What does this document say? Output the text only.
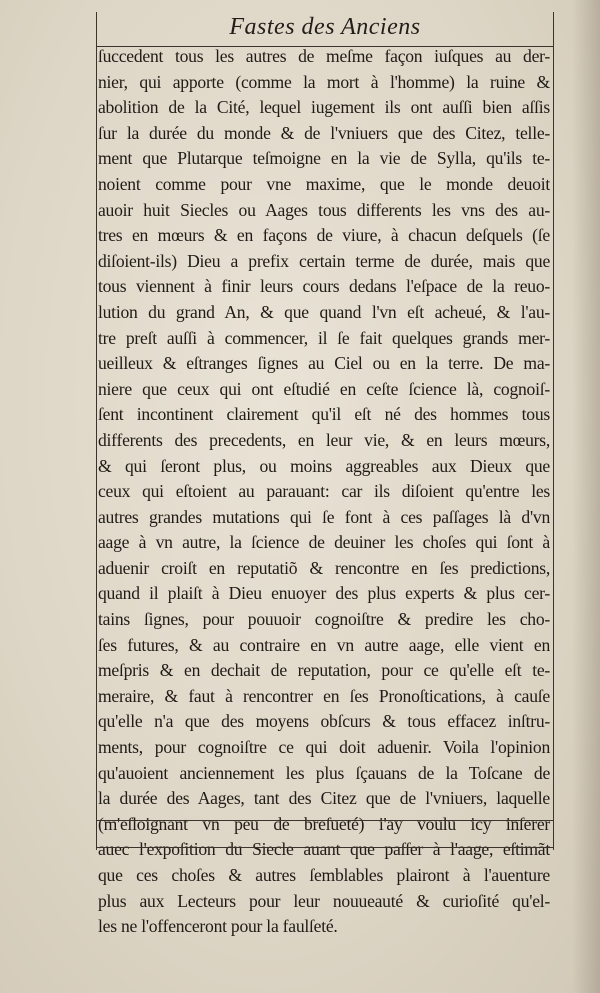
Fastes des Anciens
ſuccedent tous les autres de meſme façon iuſques au der-
nier, qui apporte (comme la mort à l'homme) la ruine &
abolition de la Cité, lequel iugement ils ont auſſi bien aſſis
ſur la durée du monde & de l'vniuers que des Citez, telle-
ment que Plutarque teſmoigne en la vie de Sylla, qu'ils te-
noient comme pour vne maxime, que le monde deuoit
auoir huit Siecles ou Aages tous differents les vns des au-
tres en mœurs & en façons de viure, à chacun deſquels (ſe
diſoient-ils) Dieu a prefix certain terme de durée, mais que
tous viennent à finir leurs cours dedans l'eſpace de la reuo-
lution du grand An, & que quand l'vn eſt acheué, & l'au-
tre preſt auſſi à commencer, il ſe fait quelques grands mer-
ueilleux & eſtranges ſignes au Ciel ou en la terre. De ma-
niere que ceux qui ont eſtudié en ceſte ſcience là, cognoiſ-
ſent incontinent clairement qu'il eſt né des hommes tous
differents des precedents, en leur vie, & en leurs mœurs,
& qui ſeront plus, ou moins aggreables aux Dieux que
ceux qui eſtoient au parauant: car ils diſoient qu'entre les
autres grandes mutations qui ſe font à ces paſſages là d'vn
aage à vn autre, la ſcience de deuiner les choſes qui ſont à
aduenir croiſt en reputatiõ & rencontre en ſes predictions,
quand il plaiſt à Dieu enuoyer des plus experts & plus cer-
tains ſignes, pour pouuoir cognoiſtre & predire les cho-
ſes futures, & au contraire en vn autre aage, elle vient en
meſpris & en dechait de reputation, pour ce qu'elle eſt te-
meraire, & faut à rencontrer en ſes Pronoſtications, à cauſe
qu'elle n'a que des moyens obſcurs & tous effacez inſtru-
ments, pour cognoiſtre ce qui doit aduenir. Voila l'opinion
qu'auoient anciennement les plus ſçauans de la Toſcane de
la durée des Aages, tant des Citez que de l'vniuers, laquelle
(m'eſloignant vn peu de breſueté) i'ay voulu icy inſerer
auec l'expoſition du Siecle auant que paſſer à l'aage, eſtimãt
que ces choſes & autres ſemblables plairont à l'auenture
plus aux Lecteurs pour leur nouueauté & curioſité qu'el-
les ne l'offenceront pour la faulſeté.
